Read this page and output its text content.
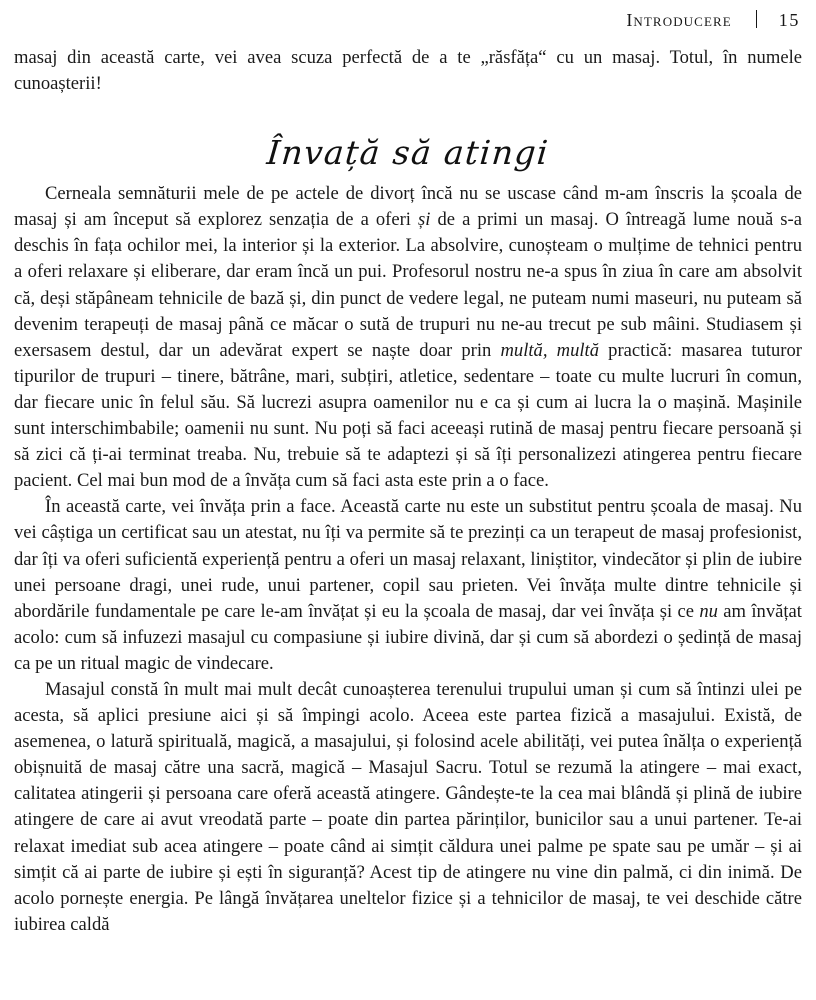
Introducere	15

masaj din această carte, vei avea scuza perfectă de a te „răsfăța“ cu un masaj. Totul, în numele cunoașterii!

Învață să atingi

Cerneala semnăturii mele de pe actele de divorț încă nu se uscase când m-am înscris la școala de masaj și am început să explorez senzația de a oferi și de a primi un masaj. O întreagă lume nouă s-a deschis în fața ochilor mei, la interior și la exterior. La absolvire, cunoșteam o mulțime de tehnici pentru a oferi relaxare și eliberare, dar eram încă un pui. Profesorul nostru ne-a spus în ziua în care am absolvit că, deși stăpâneam tehnicile de bază și, din punct de vedere legal, ne puteam numi maseuri, nu puteam să devenim terapeuți de masaj până ce măcar o sută de trupuri nu ne-au trecut pe sub mâini. Studiasem și exersasem destul, dar un adevărat expert se naște doar prin multă, multă practică: masarea tuturor tipurilor de trupuri – tinere, bătrâne, mari, subțiri, atletice, sedentare – toate cu multe lucruri în comun, dar fiecare unic în felul său. Să lucrezi asupra oamenilor nu e ca și cum ai lucra la o mașină. Mașinile sunt interschimbabile; oamenii nu sunt. Nu poți să faci aceeași rutină de masaj pentru fiecare persoană și să zici că ți-ai terminat treaba. Nu, trebuie să te adaptezi și să îți personalizezi atingerea pentru fiecare pacient. Cel mai bun mod de a învăța cum să faci asta este prin a o face.

În această carte, vei învăța prin a face. Această carte nu este un substitut pentru școala de masaj. Nu vei câștiga un certificat sau un atestat, nu îți va permite să te prezinți ca un terapeut de masaj profesionist, dar îți va oferi suficientă experiență pentru a oferi un masaj relaxant, liniștitor, vindecător și plin de iubire unei persoane dragi, unei rude, unui partener, copil sau prieten. Vei învăța multe dintre tehnicile și abordările fundamentale pe care le-am învățat și eu la școala de masaj, dar vei învăța și ce nu am învățat acolo: cum să infuzezi masajul cu compasiune și iubire divină, dar și cum să abordezi o ședință de masaj ca pe un ritual magic de vindecare.

Masajul constă în mult mai mult decât cunoașterea terenului trupului uman și cum să întinzi ulei pe acesta, să aplici presiune aici și să împingi acolo. Aceea este partea fizică a masajului. Există, de asemenea, o latură spirituală, magică, a masajului, și folosind acele abilități, vei putea înălța o experiență obișnuită de masaj către una sacră, magică – Masajul Sacru. Totul se rezumă la atingere – mai exact, calitatea atingerii și persoana care oferă această atingere. Gândește-te la cea mai blândă și plină de iubire atingere de care ai avut vreodată parte – poate din partea părinților, bunicilor sau a unui partener. Te-ai relaxat imediat sub acea atingere – poate când ai simțit căldura unei palme pe spate sau pe umăr – și ai simțit că ai parte de iubire și ești în siguranță? Acest tip de atingere nu vine din palmă, ci din inimă. De acolo pornește energia. Pe lângă învățarea uneltelor fizice și a tehnicilor de masaj, te vei deschide către iubirea caldă
